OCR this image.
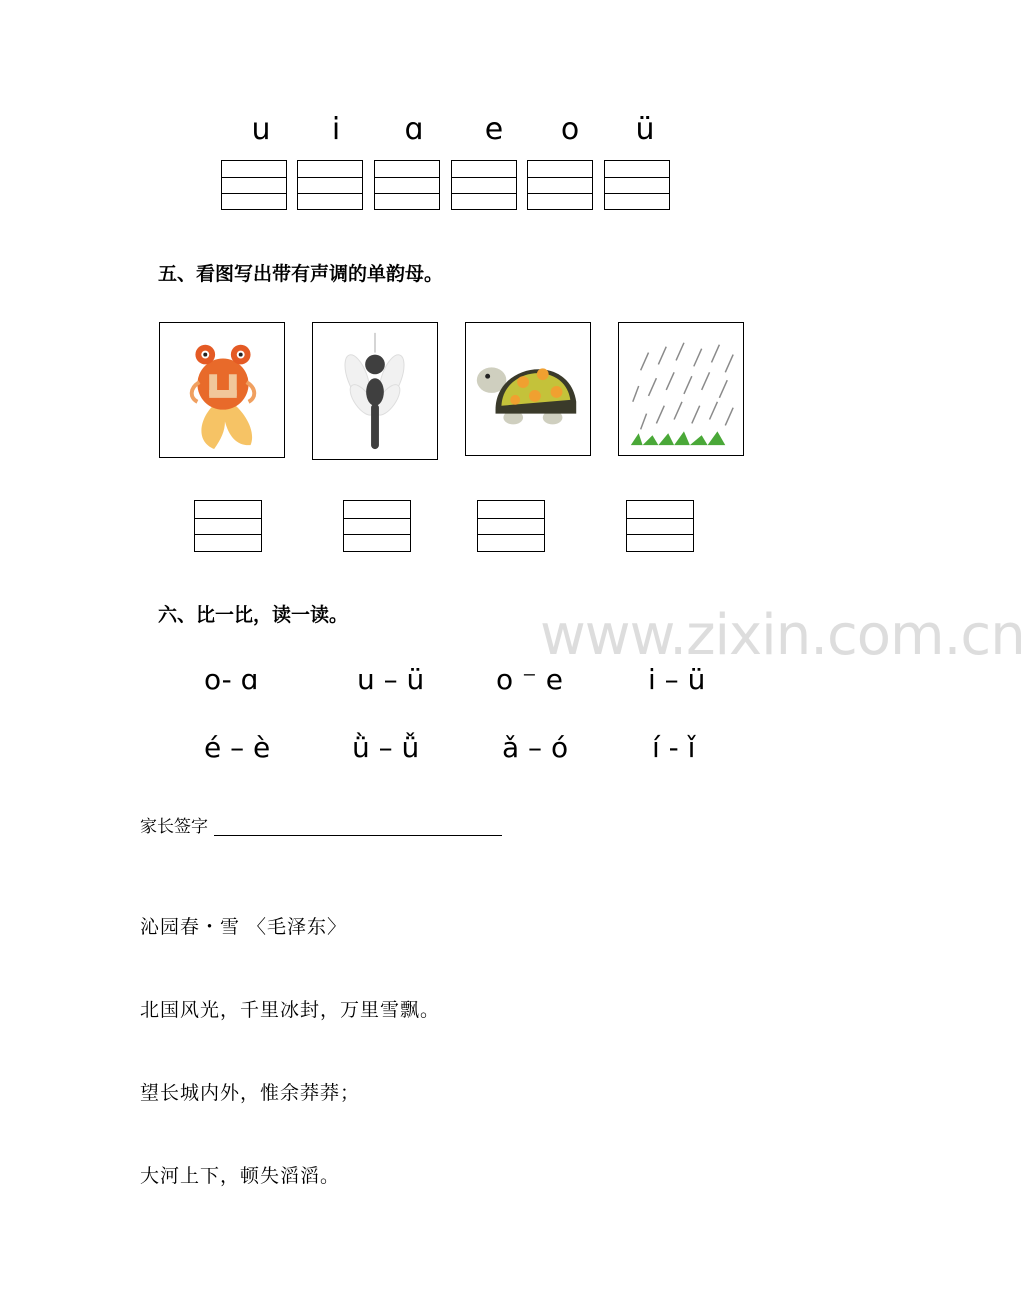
u	i	ɑ	e	o	ü
五、看图写出带有声调的单韵母。
六、比一比，读一读。	www.zixin.com.cn
o- ɑ	u – ü	o ⁻ e	i – ü
é – è	ǜ – ǚ	ǎ – ó	í - ǐ
家长签字
沁园春・雪 〈毛泽东〉
北国风光，千里冰封，万里雪飘。
望长城内外，惟余莽莽；
大河上下，顿失滔滔。
